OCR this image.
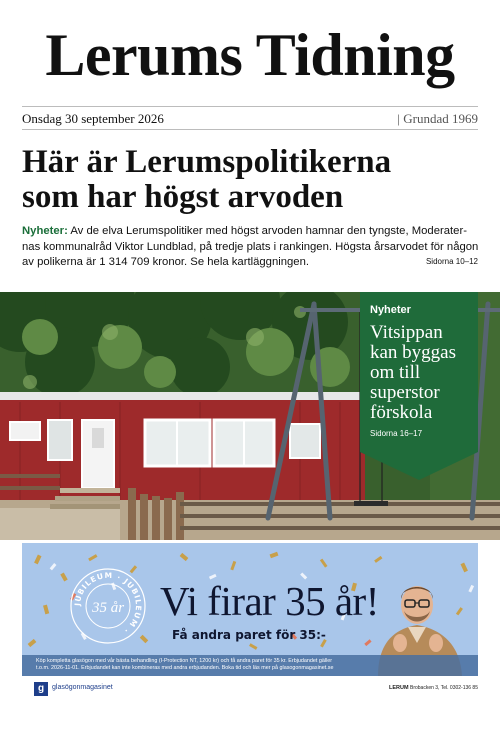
Lerums Tidning
Onsdag 30 september 2026	| Grundad 1969
Här är Lerumspolitikerna
som har högst arvoden

Nyheter: Av de elva Lerumspolitiker med högst arvoden hamnar den tyngste, Moderater-nas kommunalråd Viktor Lundblad, på tredje plats i rankingen. Högsta årsarvodet för någon av polikerna är 1 314 709 kronor. Se hela kartläggningen.	Sidorna 10–12
Nyheter
Vitsippan kan byggas om till superstor förskola
Sidorna 16–17
JUBILEUM · JUBILEUM ·
35 år Vi firar 35 år!
Få andra paret för 35:-
Köp kompletta glasögon med vår bästa behandling (I-Protection NT, 1200 kr) och få andra paret för 35 kr. Erbjudandet gäller
t.o.m. 2026-11-01. Erbjudandet kan inte kombineras med andra erbjudanden. Boka tid och läs mer på glasogonmagasinet.se
g	glasögonmagasinet	LERUM Brobacken 3, Tel. 0302-136 85
